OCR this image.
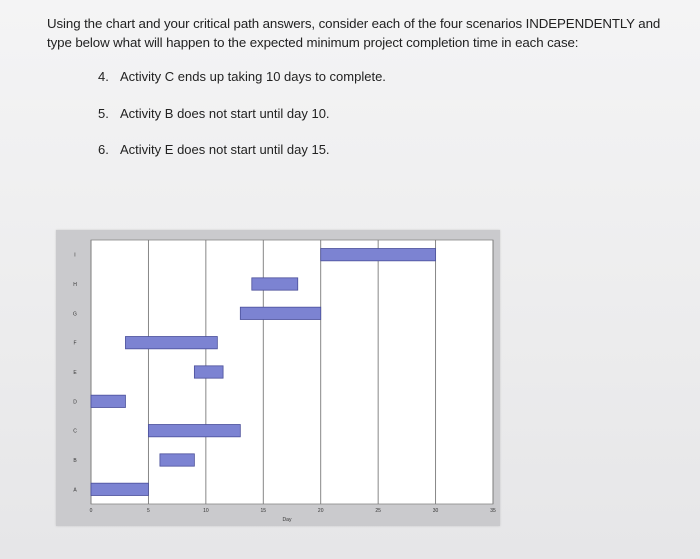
Using the chart and your critical path answers, consider each of the four scenarios INDEPENDENTLY and type below what will happen to the expected minimum project completion time in each case:
4. Activity C ends up taking 10 days to complete.
5. Activity B does not start until day 10.
6. Activity E does not start until day 15.
A
B
C
D
E
F
G
H
I
0	5	10	15	20	25	30	35
Day
